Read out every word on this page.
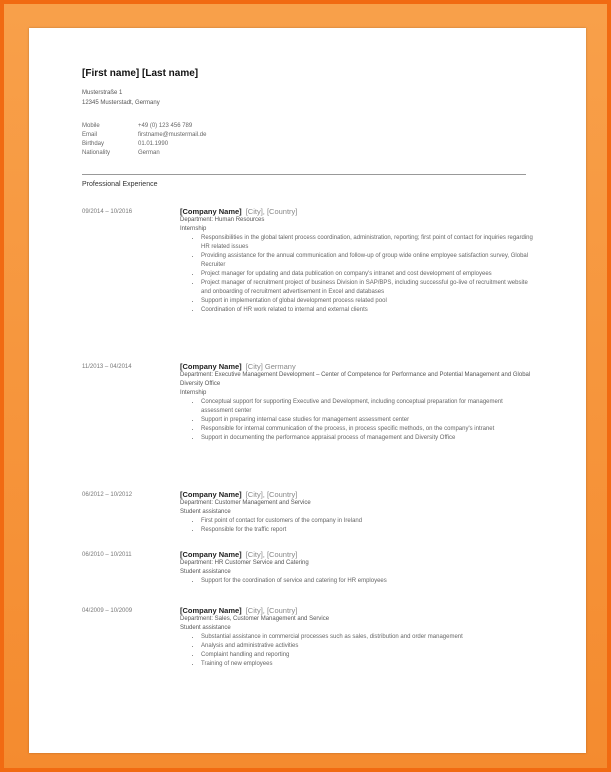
[First name] [Last name]
Musterstraße 1
12345 Musterstadt, Germany
Mobile	+49 (0) 123 456 789
Email	firstname@mustermail.de
Birthday	01.01.1990
Nationality	German
Professional Experience
09/2014 – 10/2016	[Company Name] [City], [Country]
Department: Human Resources
Internship
• Responsibilities in the global talent process coordination, administration, reporting; first point of contact for inquiries regarding HR related issues
• Providing assistance for the annual communication and follow-up of group wide online employee satisfaction survey, Global Recruiter
• Project manager for updating and data publication on company's intranet and cost development of employees
• Project manager of recruitment project of business Division in SAP/BPS, including successful go-live of recruitment website and onboarding of recruitment advertisement in Excel and databases
• Support in implementation of global development process related pool
• Coordination of HR work related to internal and external clients
11/2013 – 04/2014	[Company Name] [City] Germany
Department: Executive Management Development – Center of Competence for Performance and Potential Management and Global Diversity Office
Internship
• Conceptual support for supporting Executive and Development, including conceptual preparation for management assessment center
• Support in preparing internal case studies for management assessment center
• Responsible for internal communication of the process, in process specific methods, on the company's intranet
• Support in documenting the performance appraisal process of management and Diversity Office
06/2012 – 10/2012	[Company Name] [City], [Country]
Department: Customer Management and Service
Student assistance
• First point of contact for customers of the company in Ireland
• Responsible for the traffic report
06/2010 – 10/2011	[Company Name] [City], [Country]
Department: HR Customer Service and Catering
Student assistance
• Support for the coordination of service and catering for HR employees
04/2009 – 10/2009	[Company Name] [City], [Country]
Department: Sales, Customer Management and Service
Student assistance
• Substantial assistance in commercial processes such as sales, distribution and order management
• Analysis and administrative activities
• Complaint handling and reporting
• Training of new employees
